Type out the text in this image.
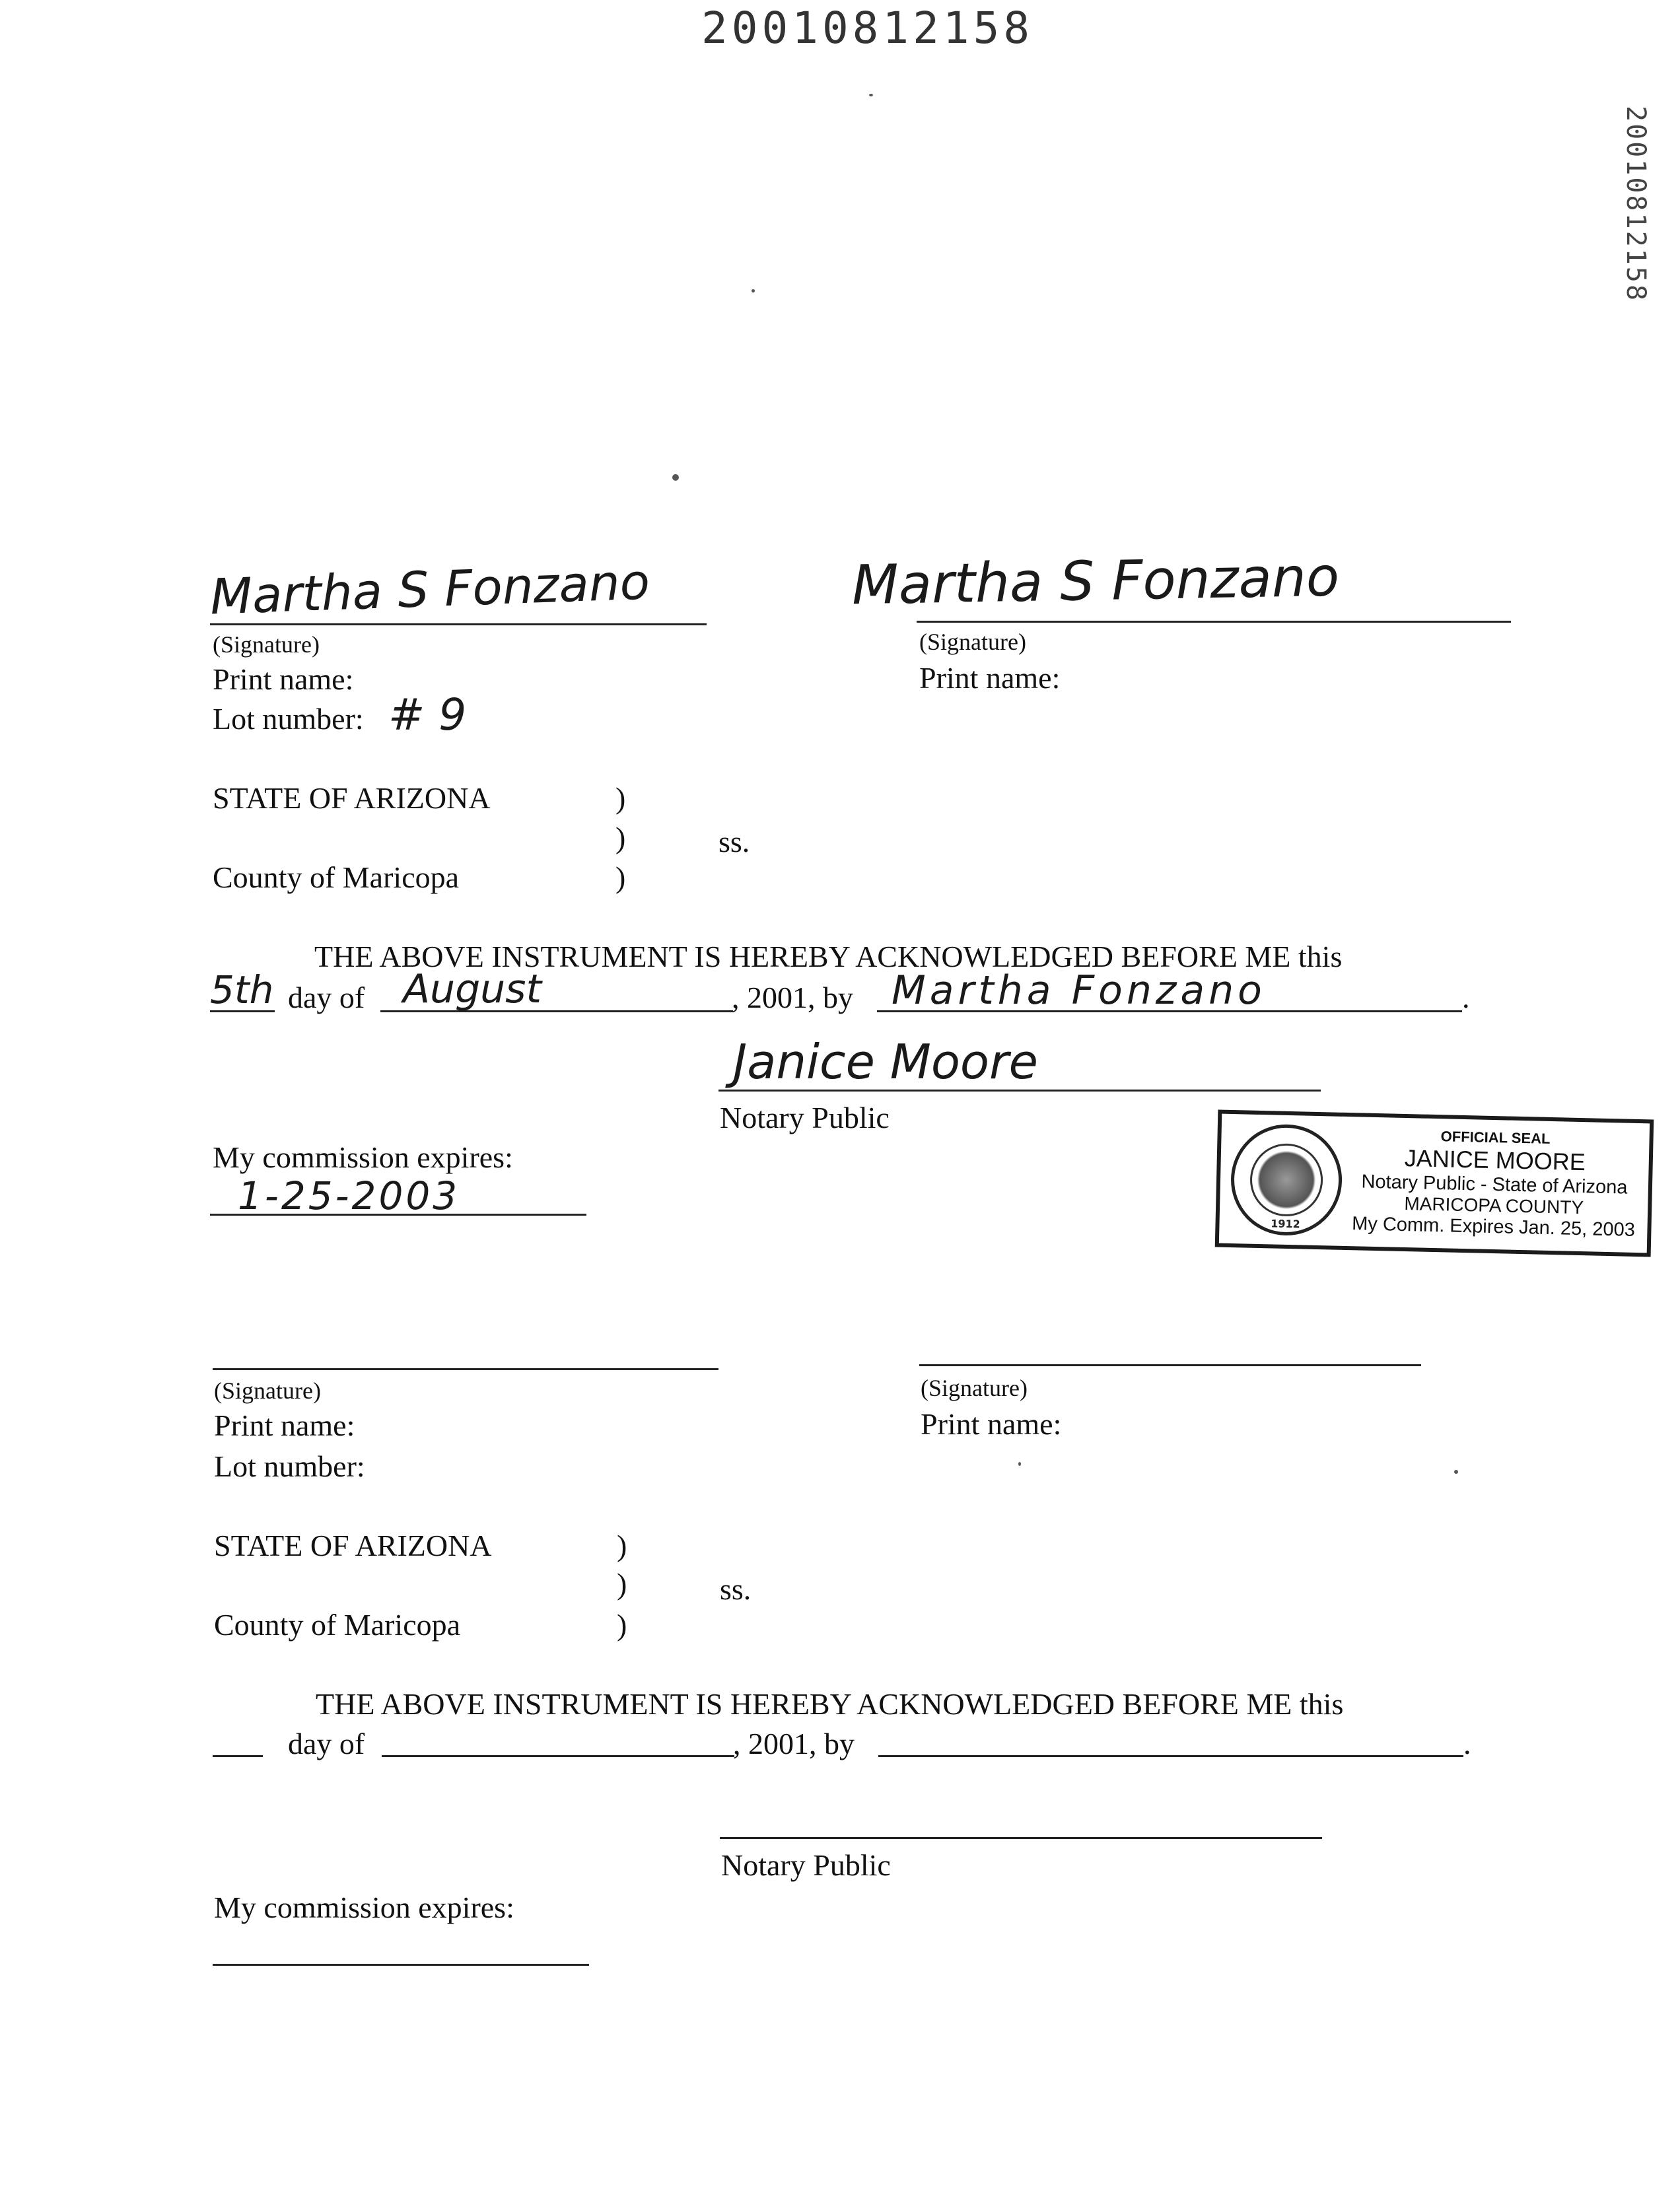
20010812158
20010812158
Martha S Fonzano
(Signature)
Print name:
Lot number: # 9
Martha S Fonzano
(Signature)
Print name:
STATE OF ARIZONA	)
)	ss.
County of Maricopa	)
THE ABOVE INSTRUMENT IS HEREBY ACKNOWLEDGED BEFORE ME this
5th day of August	, 2001, by Martha Fonzano	.
Janice Moore
Notary Public
My commission expires:
1-25-2003
1912
OFFICIAL SEAL
JANICE MOORE
Notary Public - State of Arizona
MARICOPA COUNTY
My Comm. Expires Jan. 25, 2003
(Signature)
Print name:
Lot number:
(Signature)
Print name:
STATE OF ARIZONA	)
)	ss.
County of Maricopa	)
THE ABOVE INSTRUMENT IS HEREBY ACKNOWLEDGED BEFORE ME this
day of	, 2001, by	.
Notary Public
My commission expires:
